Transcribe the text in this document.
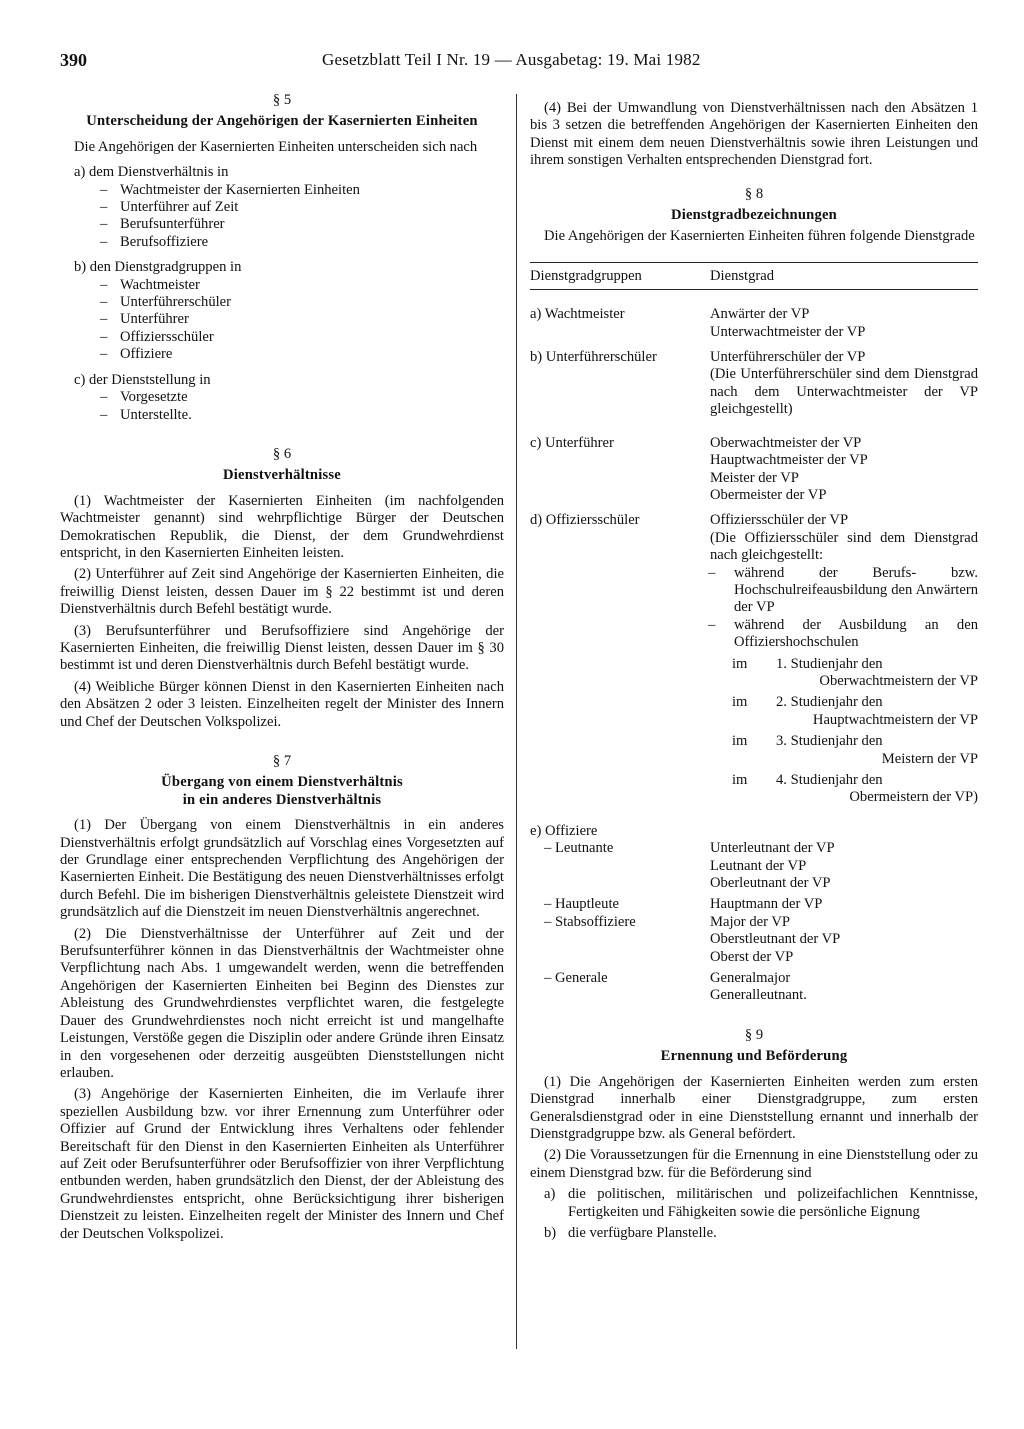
390	Gesetzblatt Teil I Nr. 19 — Ausgabetag: 19. Mai 1982
§ 5
Unterscheidung der Angehörigen der Kasernierten Einheiten

Die Angehörigen der Kasernierten Einheiten unterscheiden sich nach

a) dem Dienstverhältnis in
– Wachtmeister der Kasernierten Einheiten
– Unterführer auf Zeit
– Berufsunterführer
– Berufsoffiziere
b) den Dienstgradgruppen in
– Wachtmeister
– Unterführerschüler
– Unterführer
– Offiziersschüler
– Offiziere
c) der Dienststellung in
– Vorgesetzte
– Unterstellte.
§ 6
Dienstverhältnisse

(1) Wachtmeister der Kasernierten Einheiten (im nachfolgenden Wachtmeister genannt) sind wehrpflichtige Bürger der Deutschen Demokratischen Republik, die Dienst, der dem Grundwehrdienst entspricht, in den Kasernierten Einheiten leisten.

(2) Unterführer auf Zeit sind Angehörige der Kasernierten Einheiten, die freiwillig Dienst leisten, dessen Dauer im § 22 bestimmt ist und deren Dienstverhältnis durch Befehl bestätigt wurde.

(3) Berufsunterführer und Berufsoffiziere sind Angehörige der Kasernierten Einheiten, die freiwillig Dienst leisten, dessen Dauer im § 30 bestimmt ist und deren Dienstverhältnis durch Befehl bestätigt wurde.

(4) Weibliche Bürger können Dienst in den Kasernierten Einheiten nach den Absätzen 2 oder 3 leisten. Einzelheiten regelt der Minister des Innern und Chef der Deutschen Volkspolizei.

§ 7
Übergang von einem Dienstverhältnis
in ein anderes Dienstverhältnis

(1) Der Übergang von einem Dienstverhältnis in ein anderes Dienstverhältnis erfolgt grundsätzlich auf Vorschlag eines Vorgesetzten auf der Grundlage einer entsprechenden Verpflichtung des Angehörigen der Kasernierten Einheit. Die Bestätigung des neuen Dienstverhältnisses erfolgt durch Befehl. Die im bisherigen Dienstverhältnis geleistete Dienstzeit wird grundsätzlich auf die Dienstzeit im neuen Dienstverhältnis angerechnet.

(2) Die Dienstverhältnisse der Unterführer auf Zeit und der Berufsunterführer können in das Dienstverhältnis der Wachtmeister ohne Verpflichtung nach Abs. 1 umgewandelt werden, wenn die betreffenden Angehörigen der Kasernierten Einheiten bei Beginn des Dienstes zur Ableistung des Grundwehrdienstes verpflichtet waren, die festgelegte Dauer des Grundwehrdienstes noch nicht erreicht ist und mangelhafte Leistungen, Verstöße gegen die Disziplin oder andere Gründe ihren Einsatz in den vorgesehenen oder derzeitig ausgeübten Dienststellungen nicht erlauben.

(3) Angehörige der Kasernierten Einheiten, die im Verlaufe ihrer speziellen Ausbildung bzw. vor ihrer Ernennung zum Unterführer oder Offizier auf Grund der Entwicklung ihres Verhaltens oder fehlender Bereitschaft für den Dienst in den Kasernierten Einheiten als Unterführer auf Zeit oder Berufsunterführer oder Berufsoffizier von ihrer Verpflichtung entbunden werden, haben grundsätzlich den Dienst, der der Ableistung des Grundwehrdienstes entspricht, ohne Berücksichtigung ihrer bisherigen Dienstzeit zu leisten. Einzelheiten regelt der Minister des Innern und Chef der Deutschen Volkspolizei.

(4) Bei der Umwandlung von Dienstverhältnissen nach den Absätzen 1 bis 3 setzen die betreffenden Angehörigen der Kasernierten Einheiten den Dienst mit einem dem neuen Dienstverhältnis sowie ihren Leistungen und ihrem sonstigen Verhalten entsprechenden Dienstgrad fort.

§ 8
Dienstgradbezeichnungen

Die Angehörigen der Kasernierten Einheiten führen folgende Dienstgrade

Dienstgradgruppen	Dienstgrad
a) Wachtmeister	Anwärter der VP
Unterwachtmeister der VP
b) Unterführerschüler	Unterführerschüler der VP

(Die Unterführerschüler sind dem Dienstgrad nach dem Unterwachtmeister der VP gleichgestellt)

c) Unterführer	Oberwachtmeister der VP
Hauptwachtmeister der VP
Meister der VP
Obermeister der VP
d) Offiziersschüler	Offiziersschüler der VP

(Die Offiziersschüler sind dem Dienstgrad nach gleichgestellt:

–	während der Berufs- bzw. Hochschulreifeausbildung den Anwärtern der VP

–	während der Ausbildung an den Offiziershochschulen

im	1. Studienjahr den
Oberwachtmeistern der VP
im	2. Studienjahr den
Hauptwachtmeistern der VP
im	3. Studienjahr den
Meistern der VP
im	4. Studienjahr den
Obermeistern der VP)
e) Offiziere
– Leutnante	Unterleutnant der VP
Leutnant der VP
Oberleutnant der VP
– Hauptleute	Hauptmann der VP
– Stabsoffiziere	Major der VP
Oberstleutnant der VP
Oberst der VP
– Generale	Generalmajor
Generalleutnant.
§ 9
Ernennung und Beförderung

(1) Die Angehörigen der Kasernierten Einheiten werden zum ersten Dienstgrad innerhalb einer Dienstgradgruppe, zum ersten Generalsdienstgrad oder in eine Dienststellung ernannt und innerhalb der Dienstgradgruppe bzw. als General befördert.

(2) Die Voraussetzungen für die Ernennung in eine Dienststellung oder zu einem Dienstgrad bzw. für die Beförderung sind

a) die politischen, militärischen und polizeifachlichen Kenntnisse, Fertigkeiten und Fähigkeiten sowie die persönliche Eignung

b) die verfügbare Planstelle.
